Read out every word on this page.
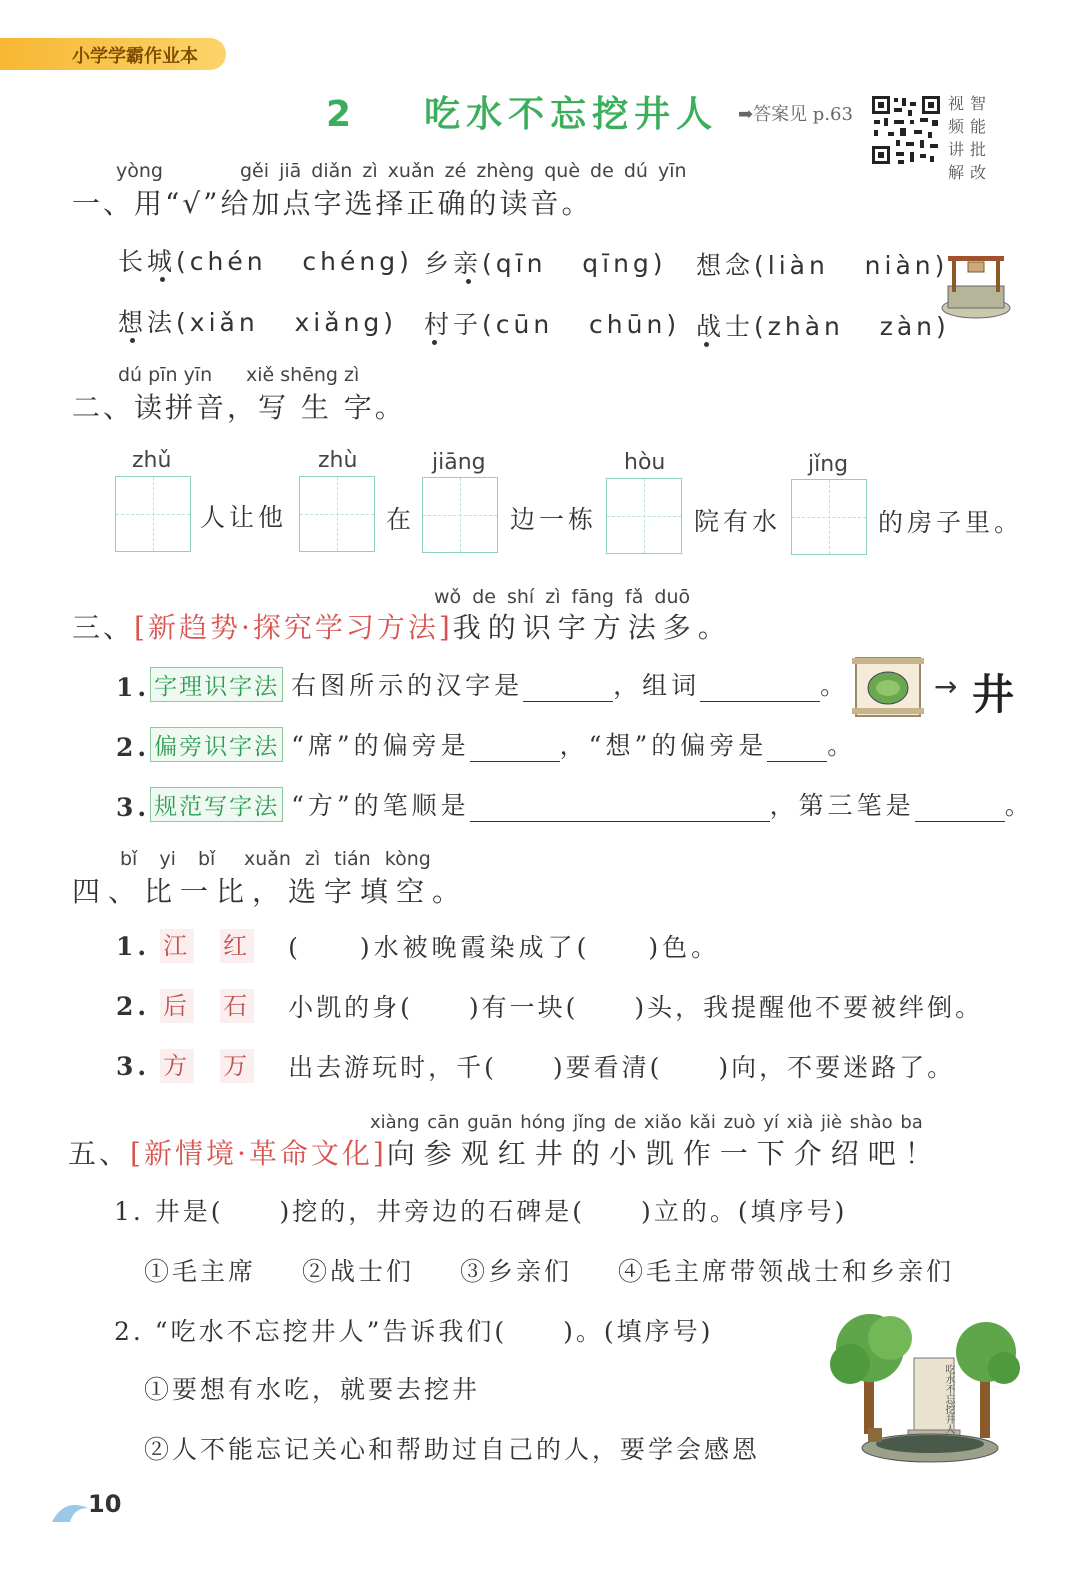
小学学霸作业本
2 吃水不忘挖井人 ➡答案见 p.63
视 智
频 能
讲 批
解 改
yòng	gěi jiā diǎn zì xuǎn zé zhèng què de dú yīn
一、用“√”给加点字选择正确的读音。
长城(chén   chéng) 乡亲(qīn   qīng) 想念(liàn   niàn)
想法(xiǎn   xiǎng) 村子(cūn   chūn) 战士(zhàn   zàn)
dú pīn yīn xiě shēng zì
二、读拼音，写 生 字。
zhǔ	zhù	jiāng	hòu	jǐng
人让他	在	边一栋	院有水	的房子里。
wǒ de shí zì fāng fǎ duō
三、[新趋势·探究学习方法]我的识字方法多。
1. 字理识字法 右图所示的汉字是	，组词	。	→ 井
2. 偏旁识字法 “席”的偏旁是	，“想”的偏旁是 。
3. 规范写字法 “方”的笔顺是	，第三笔是	。
bǐ yi bǐ xuǎn zì tián kòng
四、比一比，选字填空。
1. 江 红 (　　)水被晚霞染成了(　　)色。
2. 后 石 小凯的身(　　)有一块(　　)头，我提醒他不要被绊倒。
3. 方 万 出去游玩时，千(　　)要看清(　　)向，不要迷路了。
xiàng cān guān hóng jǐng de xiǎo kǎi zuò yí xià jiè shào ba
五、[新情境·革命文化]向参观红井的小凯作一下介绍吧！
1. 井是(　　)挖的，井旁边的石碑是(　　)立的。(填序号)
①毛主席 ②战士们 ③乡亲们 ④毛主席带领战士和乡亲们
2. “吃水不忘挖井人”告诉我们(　　)。(填序号)
①要想有水吃，就要去挖井
②人不能忘记关心和帮助过自己的人，要学会感恩
吃水不忘挖井人
10
